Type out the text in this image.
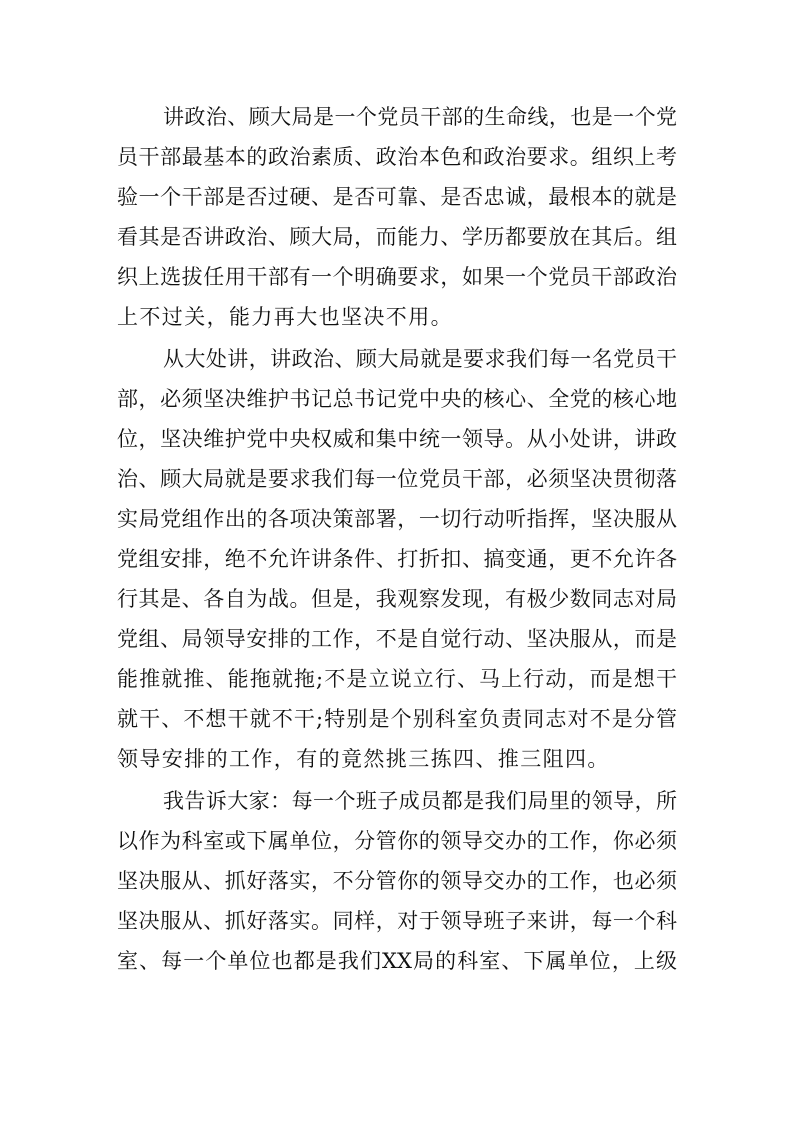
讲政治、顾大局是一个党员干部的生命线，也是一个党
员干部最基本的政治素质、政治本色和政治要求。组织上考
验一个干部是否过硬、是否可靠、是否忠诚，最根本的就是
看其是否讲政治、顾大局，而能力、学历都要放在其后。组
织上选拔任用干部有一个明确要求，如果一个党员干部政治
上不过关，能力再大也坚决不用。
从大处讲，讲政治、顾大局就是要求我们每一名党员干
部，必须坚决维护书记总书记党中央的核心、全党的核心地
位，坚决维护党中央权威和集中统一领导。从小处讲，讲政
治、顾大局就是要求我们每一位党员干部，必须坚决贯彻落
实局党组作出的各项决策部署，一切行动听指挥，坚决服从
党组安排，绝不允许讲条件、打折扣、搞变通，更不允许各
行其是、各自为战。但是，我观察发现，有极少数同志对局
党组、局领导安排的工作，不是自觉行动、坚决服从，而是
能推就推、能拖就拖;不是立说立行、马上行动，而是想干
就干、不想干就不干;特别是个别科室负责同志对不是分管
领导安排的工作，有的竟然挑三拣四、推三阻四。
我告诉大家：每一个班子成员都是我们局里的领导，所
以作为科室或下属单位，分管你的领导交办的工作，你必须
坚决服从、抓好落实，不分管你的领导交办的工作，也必须
坚决服从、抓好落实。同样，对于领导班子来讲，每一个科
室、每一个单位也都是我们XX局的科室、下属单位，上级
